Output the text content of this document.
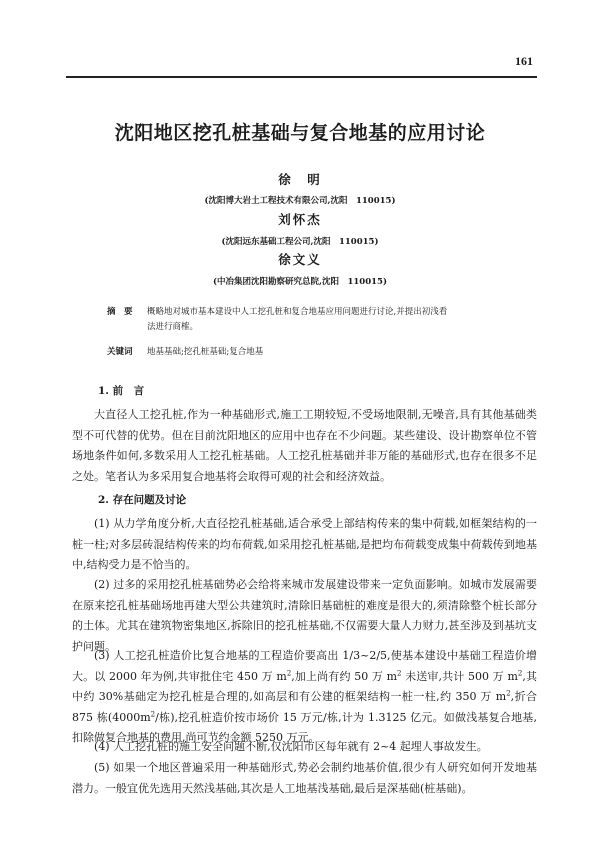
161
沈阳地区挖孔桩基础与复合地基的应用讨论
徐　明
(沈阳博大岩土工程技术有限公司,沈阳　110015)
刘怀杰
(沈阳远东基础工程公司,沈阳　110015)
徐文义
(中冶集团沈阳勘察研究总院,沈阳　110015)
摘　要	概略地对城市基本建设中人工挖孔桩和复合地基应用问题进行讨论,并提出初浅看
法进行商榷。
关键词	地基基础;挖孔桩基础;复合地基
1. 前　言

大直径人工挖孔桩,作为一种基础形式,施工工期较短,不受场地限制,无噪音,具有其他基础类型不可代替的优势。但在目前沈阳地区的应用中也存在不少问题。某些建设、设计勘察单位不管场地条件如何,多数采用人工挖孔桩基础。人工挖孔桩基础并非万能的基础形式,也存在很多不足之处。笔者认为多采用复合地基将会取得可观的社会和经济效益。

2. 存在问题及讨论

(1) 从力学角度分析,大直径挖孔桩基础,适合承受上部结构传来的集中荷载,如框架结构的一桩一柱;对多层砖混结构传来的均布荷载,如采用挖孔桩基础,是把均布荷载变成集中荷载传到地基中,结构受力是不恰当的。

(2) 过多的采用挖孔桩基础势必会给将来城市发展建设带来一定负面影响。如城市发展需要在原来挖孔桩基础场地再建大型公共建筑时,清除旧基础桩的难度是很大的,须清除整个桩长部分的土体。尤其在建筑物密集地区,拆除旧的挖孔桩基础,不仅需要大量人力财力,甚至涉及到基坑支护问题。

(3) 人工挖孔桩造价比复合地基的工程造价要高出 1/3~2/5,使基本建设中基础工程造价增大。以 2000 年为例,共审批住宅 450 万 $m^2$,加上尚有约 50 万 $m^2$ 未送审,共计 500 万 $m^2$,其中约 30%基础定为挖孔桩是合理的,如高层和有公建的框架结构一桩一柱,约 350 万 $m^2$,折合 875 栋($4000m^2/$栋),挖孔桩造价按市场价 15 万元/栋,计为 1.3125 亿元。如做浅基复合地基,扣除做复合地基的费用,尚可节约金额 5250 万元。

(4) 人工挖孔桩的施工安全问题不断,仅沈阳市区每年就有 2~4 起埋人事故发生。

(5) 如果一个地区普遍采用一种基础形式,势必会制约地基价值,很少有人研究如何开发地基潜力。一般宜优先选用天然浅基础,其次是人工地基浅基础,最后是深基础(桩基础)。
